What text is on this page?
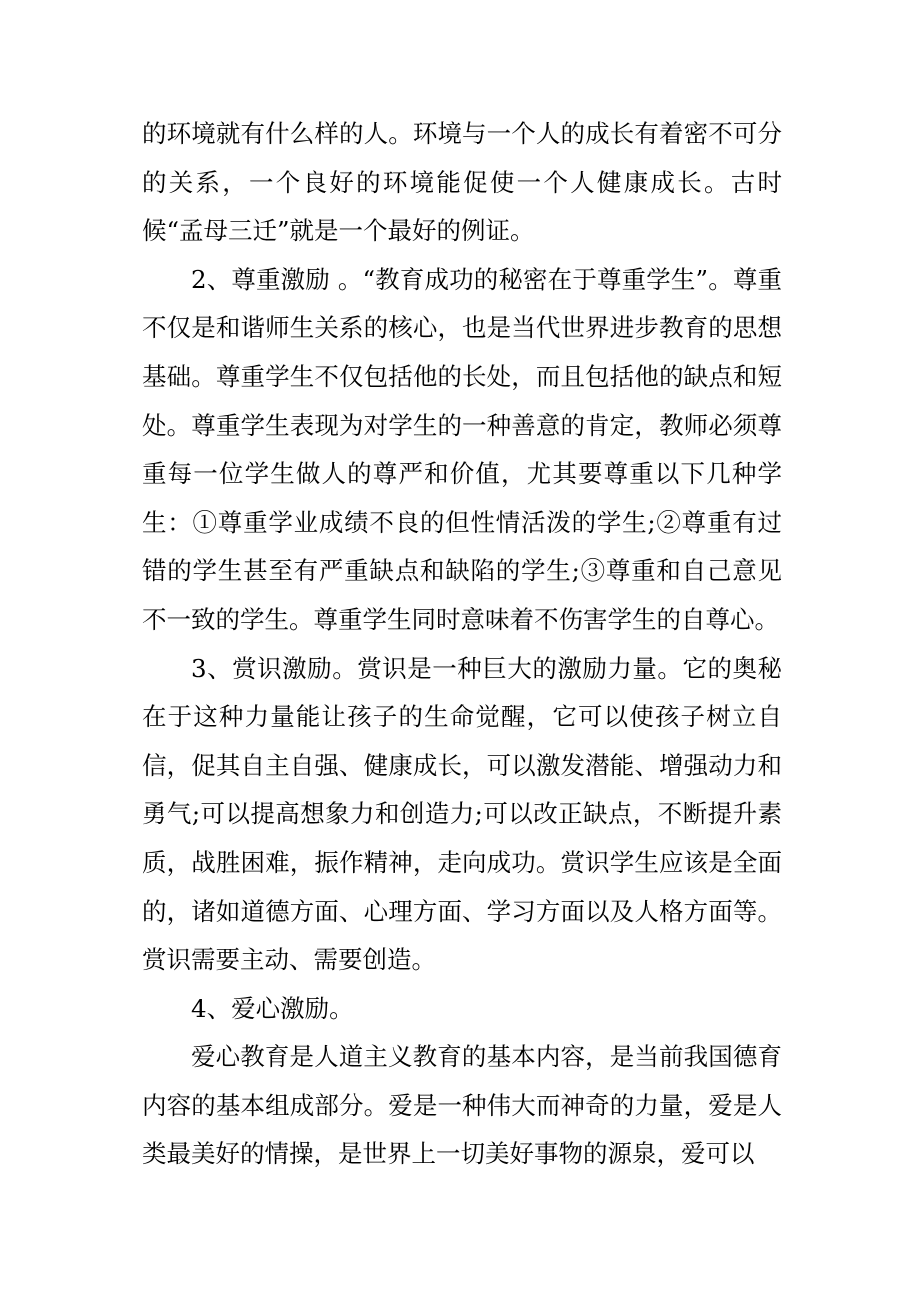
的环境就有什么样的人。环境与一个人的成长有着密不可分的关系，一个良好的环境能促使一个人健康成长。古时候“孟母三迁”就是一个最好的例证。

2、尊重激励 。“教育成功的秘密在于尊重学生”。尊重不仅是和谐师生关系的核心，也是当代世界进步教育的思想基础。尊重学生不仅包括他的长处，而且包括他的缺点和短处。尊重学生表现为对学生的一种善意的肯定，教师必须尊重每一位学生做人的尊严和价值，尤其要尊重以下几种学生：①尊重学业成绩不良的但性情活泼的学生;②尊重有过错的学生甚至有严重缺点和缺陷的学生;③尊重和自己意见不一致的学生。尊重学生同时意味着不伤害学生的自尊心。

3、赏识激励。赏识是一种巨大的激励力量。它的奥秘在于这种力量能让孩子的生命觉醒，它可以使孩子树立自信，促其自主自强、健康成长，可以激发潜能、增强动力和勇气;可以提高想象力和创造力;可以改正缺点，不断提升素质，战胜困难，振作精神，走向成功。赏识学生应该是全面的，诸如道德方面、心理方面、学习方面以及人格方面等。赏识需要主动、需要创造。

4、爱心激励。

爱心教育是人道主义教育的基本内容，是当前我国德育内容的基本组成部分。爱是一种伟大而神奇的力量，爱是人类最美好的情操，是世界上一切美好事物的源泉，爱可以
